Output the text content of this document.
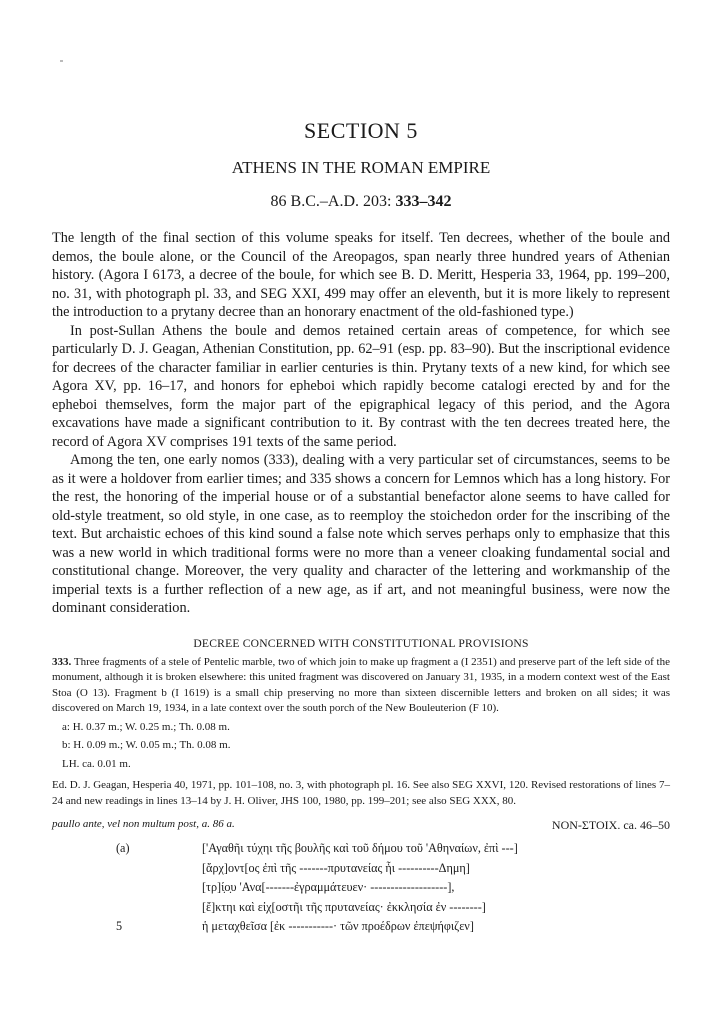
SECTION 5
ATHENS IN THE ROMAN EMPIRE
86 B.C.–A.D. 203: 333–342

The length of the final section of this volume speaks for itself. Ten decrees, whether of the boule and demos, the boule alone, or the Council of the Areopagos, span nearly three hundred years of Athenian history. (Agora I 6173, a decree of the boule, for which see B. D. Meritt, Hesperia 33, 1964, pp. 199–200, no. 31, with photograph pl. 33, and SEG XXI, 499 may offer an eleventh, but it is more likely to represent the introduction to a prytany decree than an honorary enactment of the old-fashioned type.)

In post-Sullan Athens the boule and demos retained certain areas of competence, for which see particularly D. J. Geagan, Athenian Constitution, pp. 62–91 (esp. pp. 83–90). But the inscriptional evidence for decrees of the character familiar in earlier centuries is thin. Prytany texts of a new kind, for which see Agora XV, pp. 16–17, and honors for epheboi which rapidly become catalogi erected by and for the epheboi themselves, form the major part of the epigraphical legacy of this period, and the Agora excavations have made a significant contribution to it. By contrast with the ten decrees treated here, the record of Agora XV comprises 191 texts of the same period.

Among the ten, one early nomos (333), dealing with a very particular set of circumstances, seems to be as it were a holdover from earlier times; and 335 shows a concern for Lemnos which has a long history. For the rest, the honoring of the imperial house or of a substantial benefactor alone seems to have called for old-style treatment, so old style, in one case, as to reemploy the stoichedon order for the inscribing of the text. But archaistic echoes of this kind sound a false note which serves perhaps only to emphasize that this was a new world in which traditional forms were no more than a veneer cloaking fundamental social and constitutional change. Moreover, the very quality and character of the lettering and workmanship of the imperial texts is a further reflection of a new age, as if art, and not meaningful business, were now the dominant consideration.

DECREE CONCERNED WITH CONSTITUTIONAL PROVISIONS
333. Three fragments of a stele of Pentelic marble, two of which join to make up fragment a (I 2351) and preserve part of the left side of the monument, although it is broken elsewhere: this united fragment was discovered on January 31, 1935, in a modern context west of the East Stoa (O 13). Fragment b (I 1619) is a small chip preserving no more than sixteen discernible letters and broken on all sides; it was discovered on March 19, 1934, in a late context over the south porch of the New Bouleuterion (F 10).
a: H. 0.37 m.; W. 0.25 m.; Th. 0.08 m.
b: H. 0.09 m.; W. 0.05 m.; Th. 0.08 m.
LH. ca. 0.01 m.
Ed. D. J. Geagan, Hesperia 40, 1971, pp. 101–108, no. 3, with photograph pl. 16. See also SEG XXVI, 120. Revised restorations of lines 7–24 and new readings in lines 13–14 by J. H. Oliver, JHS 100, 1980, pp. 199–201; see also SEG XXX, 80.
paullo ante, vel non multum post, a. 86 a.	NON-ΣΤΟΙΧ. ca. 46–50
(a)	['Αγαθῆι τύχηι τῆς βουλῆς καὶ τοῦ δήμου τοῦ 'Αθηναίων, ἐπὶ ---]
[ἄρχ]οντ[ος ἐπὶ τῆς -------πρυτανείας ἧι ----------Δημη]
[τρ]ί̣ο̣υ 'Ανα[-------ἐγραμμάτευεν· -------------------],
[ἔ]κτηι καὶ εἰχ[οστῆι τῆς πρυτανείας· ἐκκλησία ἐν --------]
5	ἡ μεταχθεῖσα [ἐκ -----------· τῶν προέδρων ἐπεψήφιζεν]
